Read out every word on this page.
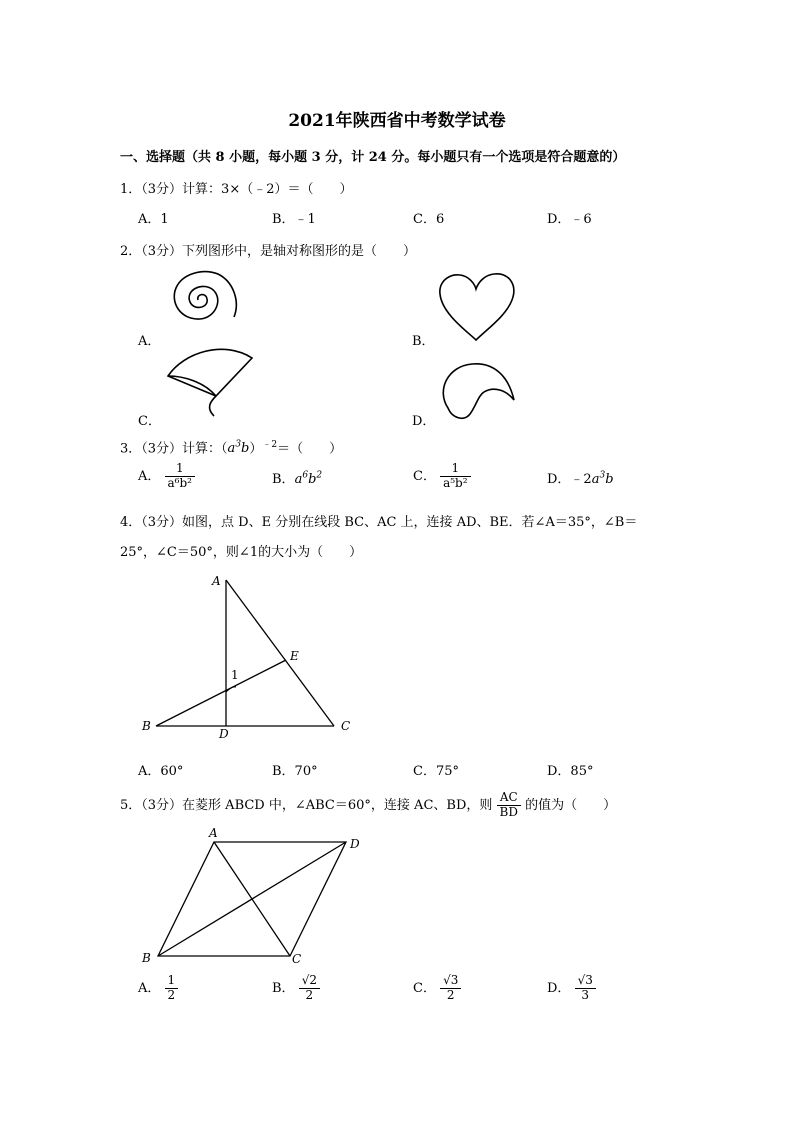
2021年陕西省中考数学试卷
一、选择题（共 8 小题，每小题 3 分，计 24 分。每小题只有一个选项是符合题意的）
1．（3分）计算：3×（﹣2）＝（　　）
A．1	B．﹣1	C．6	D．﹣6
2．（3分）下列图形中，是轴对称图形的是（　　）
A．	B．
C．	D．
3．（3分）计算：$(a^3b)^{﹣2}=$（　　）
A． $\frac{1}{\text{a⁶b²}}$	B．$a^6b^2$	C． $\frac{1}{\text{a⁵b²}}$	D．$﹣2a^3b$
4．（3分）如图，点 D、E 分别在线段 BC、AC 上，连接 AD、BE．若∠A＝35°，∠B＝
25°，∠C＝50°，则∠1的大小为（　　）
A
E
1
B
D
C
A．60°	B．70°	C．75°	D．85°
5．（3分）在菱形 ABCD 中，∠ABC＝60°，连接 AC、BD，则 $\frac{AC}{BD}$ 的值为（　　）
A
D
B	C
A． $\frac{1}{2}$	B． $\frac{√2}{2}$	C． $\frac{√3}{2}$	D． $\frac{√3}{3}$
